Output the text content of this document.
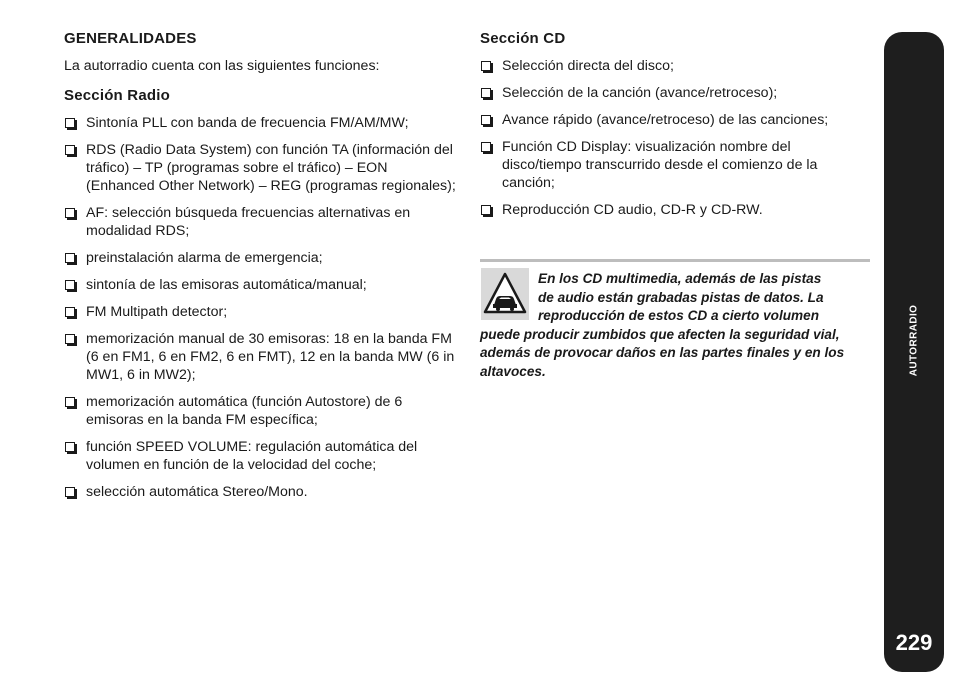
GENERALIDADES

La autorradio cuenta con las siguientes funciones:

Sección Radio
Sintonía PLL con banda de frecuencia FM/AM/MW;
RDS (Radio Data System) con función TA (información del tráfico) – TP (programas sobre el tráfico) – EON (Enhanced Other Network) – REG (programas regionales);
AF: selección búsqueda frecuencias alternativas en modalidad RDS;
preinstalación alarma de emergencia;
sintonía de las emisoras automática/manual;
FM Multipath detector;
memorización manual de 30 emisoras: 18 en la banda FM (6 en FM1, 6 en FM2, 6 en FMT), 12 en la banda MW (6 in MW1, 6 in MW2);
memorización automática (función Autostore) de 6 emisoras en la banda FM específica;
función SPEED VOLUME: regulación automática del volumen en función de la velocidad del coche;
selección automática Stereo/Mono.
Sección CD
Selección directa del disco;
Selección de la canción (avance/retroceso);
Avance rápido (avance/retroceso) de las canciones;
Función CD Display: visualización nombre del disco/tiempo transcurrido desde el comienzo de la canción;
Reproducción CD audio, CD-R y CD-RW.
En los CD multimedia, además de las pistas
de audio están grabadas pistas de datos. La
reproducción de estos CD a cierto volumen
puede producir zumbidos que afecten la seguridad vial, además de provocar daños en las partes finales y en los altavoces.	AUTORRADIO
229
